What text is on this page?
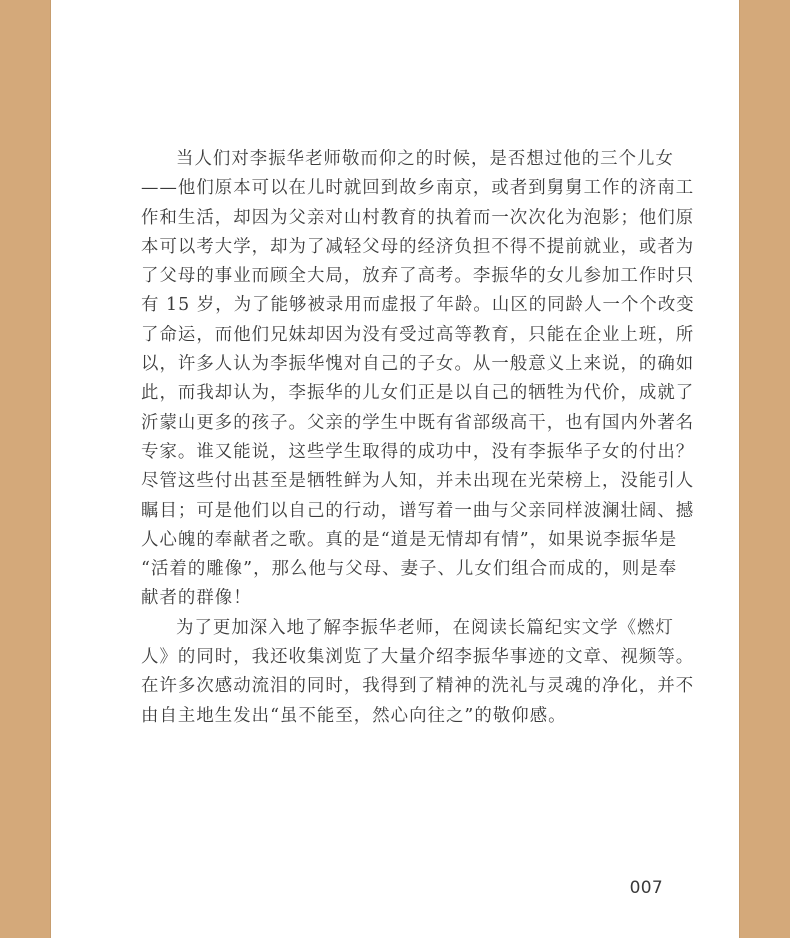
当人们对李振华老师敬而仰之的时候，是否想过他的三个儿女
——他们原本可以在儿时就回到故乡南京，或者到舅舅工作的济南工
作和生活，却因为父亲对山村教育的执着而一次次化为泡影；他们原
本可以考大学，却为了减轻父母的经济负担不得不提前就业，或者为
了父母的事业而顾全大局，放弃了高考。李振华的女儿参加工作时只
有 15 岁，为了能够被录用而虚报了年龄。山区的同龄人一个个改变
了命运，而他们兄妹却因为没有受过高等教育，只能在企业上班，所
以，许多人认为李振华愧对自己的子女。从一般意义上来说，的确如
此，而我却认为，李振华的儿女们正是以自己的牺牲为代价，成就了
沂蒙山更多的孩子。父亲的学生中既有省部级高干，也有国内外著名
专家。谁又能说，这些学生取得的成功中，没有李振华子女的付出？
尽管这些付出甚至是牺牲鲜为人知，并未出现在光荣榜上，没能引人
瞩目；可是他们以自己的行动，谱写着一曲与父亲同样波澜壮阔、撼
人心魄的奉献者之歌。真的是“道是无情却有情”，如果说李振华是
“活着的雕像”，那么他与父母、妻子、儿女们组合而成的，则是奉
献者的群像！
为了更加深入地了解李振华老师，在阅读长篇纪实文学《燃灯
人》的同时，我还收集浏览了大量介绍李振华事迹的文章、视频等。
在许多次感动流泪的同时，我得到了精神的洗礼与灵魂的净化，并不
由自主地生发出“虽不能至，然心向往之”的敬仰感。
007
